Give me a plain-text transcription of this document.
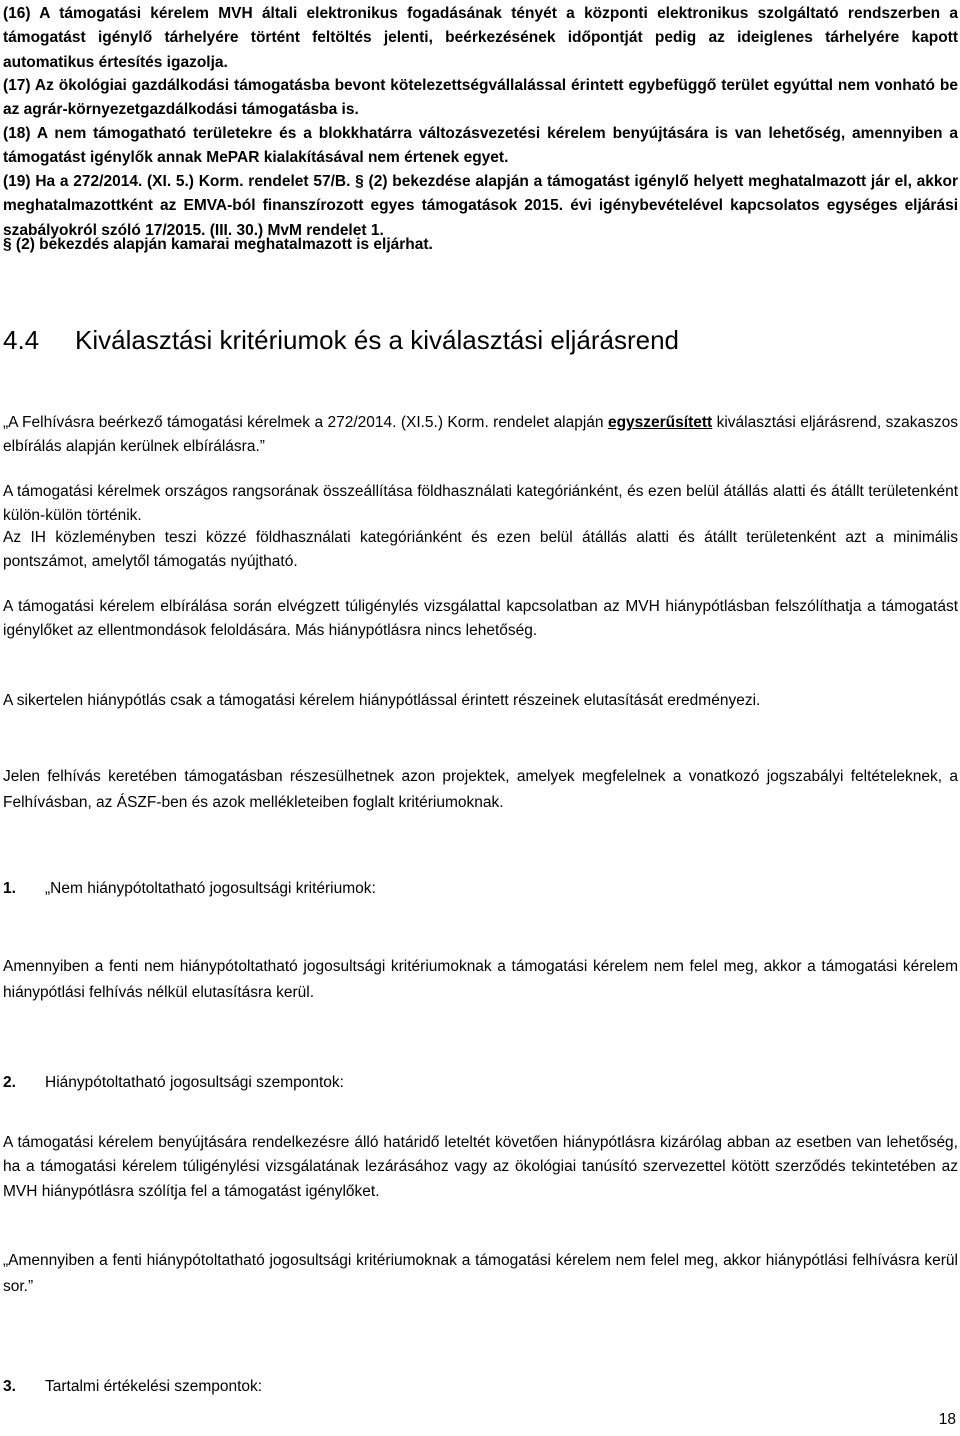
(16) A támogatási kérelem MVH általi elektronikus fogadásának tényét a központi elektronikus szolgáltató rendszerben a támogatást igénylő tárhelyére történt feltöltés jelenti, beérkezésének időpontját pedig az ideiglenes tárhelyére kapott automatikus értesítés igazolja.

(17) Az ökológiai gazdálkodási támogatásba bevont kötelezettségvállalással érintett egybefüggő terület egyúttal nem vonható be az agrár-környezetgazdálkodási támogatásba is.

(18) A nem támogatható területekre és a blokkhatárra változásvezetési kérelem benyújtására is van lehetőség, amennyiben a támogatást igénylők annak MePAR kialakításával nem értenek egyet.

(19) Ha a 272/2014. (XI. 5.) Korm. rendelet 57/B. § (2) bekezdése alapján a támogatást igénylő helyett meghatalmazott jár el, akkor meghatalmazottként az EMVA-ból finanszírozott egyes támogatások 2015. évi igénybevételével kapcsolatos egységes eljárási szabályokról szóló 17/2015. (III. 30.) MvM rendelet 1.

§ (2) bekezdés alapján kamarai meghatalmazott is eljárhat.

4.4 Kiválasztási kritériumok és a kiválasztási eljárásrend

„A Felhívásra beérkező támogatási kérelmek a 272/2014. (XI.5.) Korm. rendelet alapján egyszerűsített kiválasztási eljárásrend, szakaszos elbírálás alapján kerülnek elbírálásra.”

A támogatási kérelmek országos rangsorának összeállítása földhasználati kategóriánként, és ezen belül átállás alatti és átállt területenként külön-külön történik.

Az IH közleményben teszi közzé földhasználati kategóriánként és ezen belül átállás alatti és átállt területenként azt a minimális pontszámot, amelytől támogatás nyújtható.

A támogatási kérelem elbírálása során elvégzett túligénylés vizsgálattal kapcsolatban az MVH hiánypótlásban felszólíthatja a támogatást igénylőket az ellentmondások feloldására. Más hiánypótlásra nincs lehetőség.

A sikertelen hiánypótlás csak a támogatási kérelem hiánypótlással érintett részeinek elutasítását eredményezi.

Jelen felhívás keretében támogatásban részesülhetnek azon projektek, amelyek megfelelnek a vonatkozó jogszabályi feltételeknek, a Felhívásban, az ÁSZF-ben és azok mellékleteiben foglalt kritériumoknak.

1. „Nem hiánypótoltatható jogosultsági kritériumok:

Amennyiben a fenti nem hiánypótoltatható jogosultsági kritériumoknak a támogatási kérelem nem felel meg, akkor a támogatási kérelem hiánypótlási felhívás nélkül elutasításra kerül.

2. Hiánypótoltatható jogosultsági szempontok:

A támogatási kérelem benyújtására rendelkezésre álló határidő leteltét követően hiánypótlásra kizárólag abban az esetben van lehetőség, ha a támogatási kérelem túligénylési vizsgálatának lezárásához vagy az ökológiai tanúsító szervezettel kötött szerződés tekintetében az MVH hiánypótlásra szólítja fel a támogatást igénylőket.

„Amennyiben a fenti hiánypótoltatható jogosultsági kritériumoknak a támogatási kérelem nem felel meg, akkor hiánypótlási felhívásra kerül sor.”

3. Tartalmi értékelési szempontok:
18
